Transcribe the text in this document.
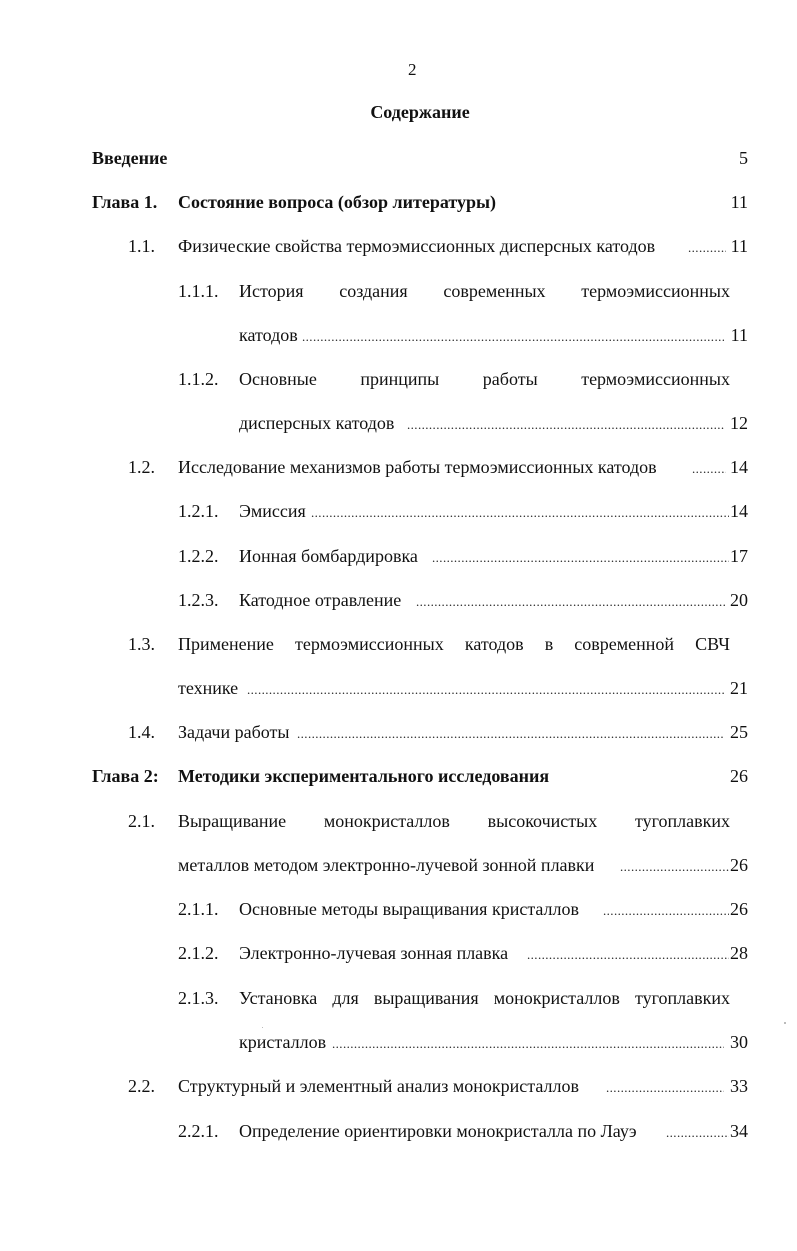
2
Содержание
Введение	5
Глава 1. Состояние вопроса (обзор литературы)	11
1.1. Физические свойства термоэмиссионных дисперсных катодов .....	11
1.1.1. История создания современных термоэмиссионных
катодов .....	11
1.1.2. Основные принципы работы термоэмиссионных
дисперсных катодов .....	12
1.2. Исследование механизмов работы термоэмиссионных катодов .....	14
1.2.1. Эмиссия .....	14
1.2.2. Ионная бомбардировка .....	17
1.2.3. Катодное отравление .....	20
1.3. Применение термоэмиссионных катодов в современной СВЧ
технике .....	21
1.4. Задачи работы .....	25
Глава 2: Методики экспериментального исследования	26
2.1. Выращивание монокристаллов высокочистых тугоплавких
металлов методом электронно-лучевой зонной плавки .....	26
2.1.1. Основные методы выращивания кристаллов .....	26
2.1.2. Электронно-лучевая зонная плавка .....	28
2.1.3. Установка для выращивания монокристаллов тугоплавких
кристаллов .....	30
2.2. Структурный и элементный анализ монокристаллов .....	33
2.2.1. Определение ориентировки монокристалла по Лауэ .....	34
